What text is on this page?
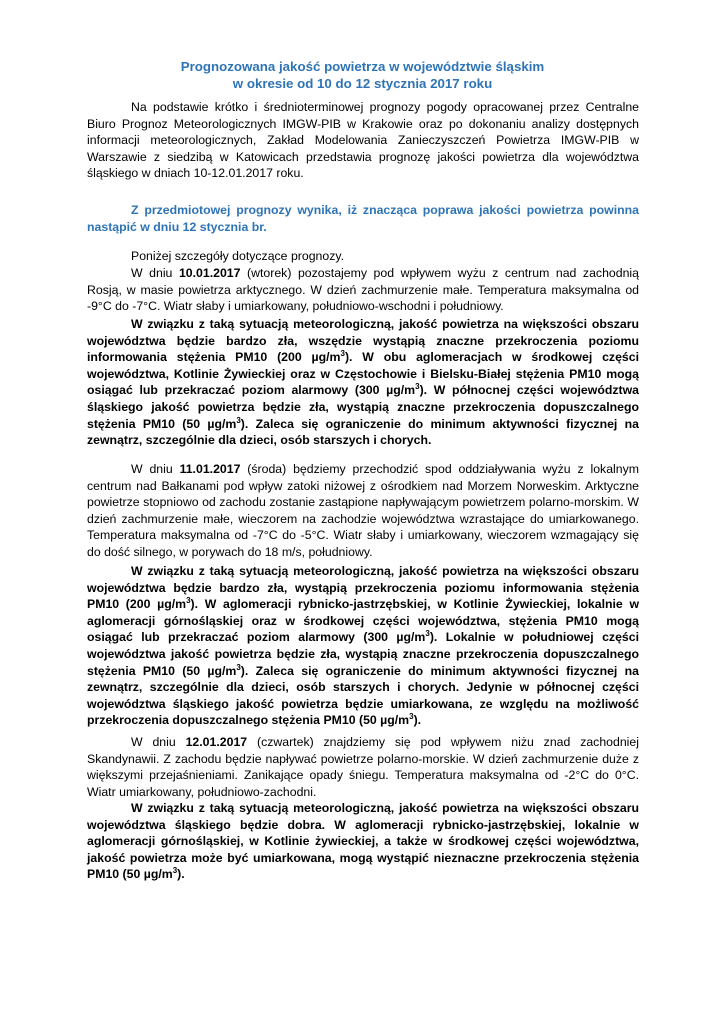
Prognozowana jakość powietrza w województwie śląskim
w okresie od 10 do 12 stycznia 2017 roku

Na podstawie krótko i średnioterminowej prognozy pogody opracowanej przez Centralne Biuro Prognoz Meteorologicznych IMGW-PIB w Krakowie oraz po dokonaniu analizy dostępnych informacji meteorologicznych, Zakład Modelowania Zanieczyszczeń Powietrza IMGW-PIB w Warszawie z siedzibą w Katowicach przedstawia prognozę jakości powietrza dla województwa śląskiego w dniach 10-12.01.2017 roku.

Z przedmiotowej prognozy wynika, iż znacząca poprawa jakości powietrza powinna nastąpić w dniu 12 stycznia br.

Poniżej szczegóły dotyczące prognozy.

W dniu 10.01.2017 (wtorek) pozostajemy pod wpływem wyżu z centrum nad zachodnią Rosją, w masie powietrza arktycznego. W dzień zachmurzenie małe. Temperatura maksymalna od -9°C do -7°C. Wiatr słaby i umiarkowany, południowo-wschodni i południowy.

W związku z taką sytuacją meteorologiczną, jakość powietrza na większości obszaru województwa będzie bardzo zła, wszędzie wystąpią znaczne przekroczenia poziomu informowania stężenia PM10 (200 $\mu g/m^3$). W obu aglomeracjach w środkowej części województwa, Kotlinie Żywieckiej oraz w Częstochowie i Bielsku-Białej stężenia PM10 mogą osiągać lub przekraczać poziom alarmowy (300 $\mu g/m^3$). W północnej części województwa śląskiego jakość powietrza będzie zła, wystąpią znaczne przekroczenia dopuszczalnego stężenia PM10 (50 $\mu g/m^3$). Zaleca się ograniczenie do minimum aktywności fizycznej na zewnątrz, szczególnie dla dzieci, osób starszych i chorych.

W dniu 11.01.2017 (środa) będziemy przechodzić spod oddziaływania wyżu z lokalnym centrum nad Bałkanami pod wpływ zatoki niżowej z ośrodkiem nad Morzem Norweskim. Arktyczne powietrze stopniowo od zachodu zostanie zastąpione napływającym powietrzem polarno-morskim. W dzień zachmurzenie małe, wieczorem na zachodzie województwa wzrastające do umiarkowanego. Temperatura maksymalna od -7°C do -5°C. Wiatr słaby i umiarkowany, wieczorem wzmagający się do dość silnego, w porywach do 18 m/s, południowy.

W związku z taką sytuacją meteorologiczną, jakość powietrza na większości obszaru województwa będzie bardzo zła, wystąpią przekroczenia poziomu informowania stężenia PM10 (200 $\mu g/m^3$). W aglomeracji rybnicko-jastrzębskiej, w Kotlinie Żywieckiej, lokalnie w aglomeracji górnośląskiej oraz w środkowej części województwa, stężenia PM10 mogą osiągać lub przekraczać poziom alarmowy (300 $\mu g/m^3$). Lokalnie w południowej części województwa jakość powietrza będzie zła, wystąpią znaczne przekroczenia dopuszczalnego stężenia PM10 (50 $\mu g/m^3$). Zaleca się ograniczenie do minimum aktywności fizycznej na zewnątrz, szczególnie dla dzieci, osób starszych i chorych. Jedynie w północnej części województwa śląskiego jakość powietrza będzie umiarkowana, ze względu na możliwość przekroczenia dopuszczalnego stężenia PM10 (50 $\mu g/m^3$).

W dniu 12.01.2017 (czwartek) znajdziemy się pod wpływem niżu znad zachodniej Skandynawii. Z zachodu będzie napływać powietrze polarno-morskie. W dzień zachmurzenie duże z większymi przejaśnieniami. Zanikające opady śniegu. Temperatura maksymalna od -2°C do 0°C. Wiatr umiarkowany, południowo-zachodni.

W związku z taką sytuacją meteorologiczną, jakość powietrza na większości obszaru województwa śląskiego będzie dobra. W aglomeracji rybnicko-jastrzębskiej, lokalnie w aglomeracji górnośląskiej, w Kotlinie żywieckiej, a także w środkowej części województwa, jakość powietrza może być umiarkowana, mogą wystąpić nieznaczne przekroczenia stężenia PM10 (50 $\mu g/m^3$).
